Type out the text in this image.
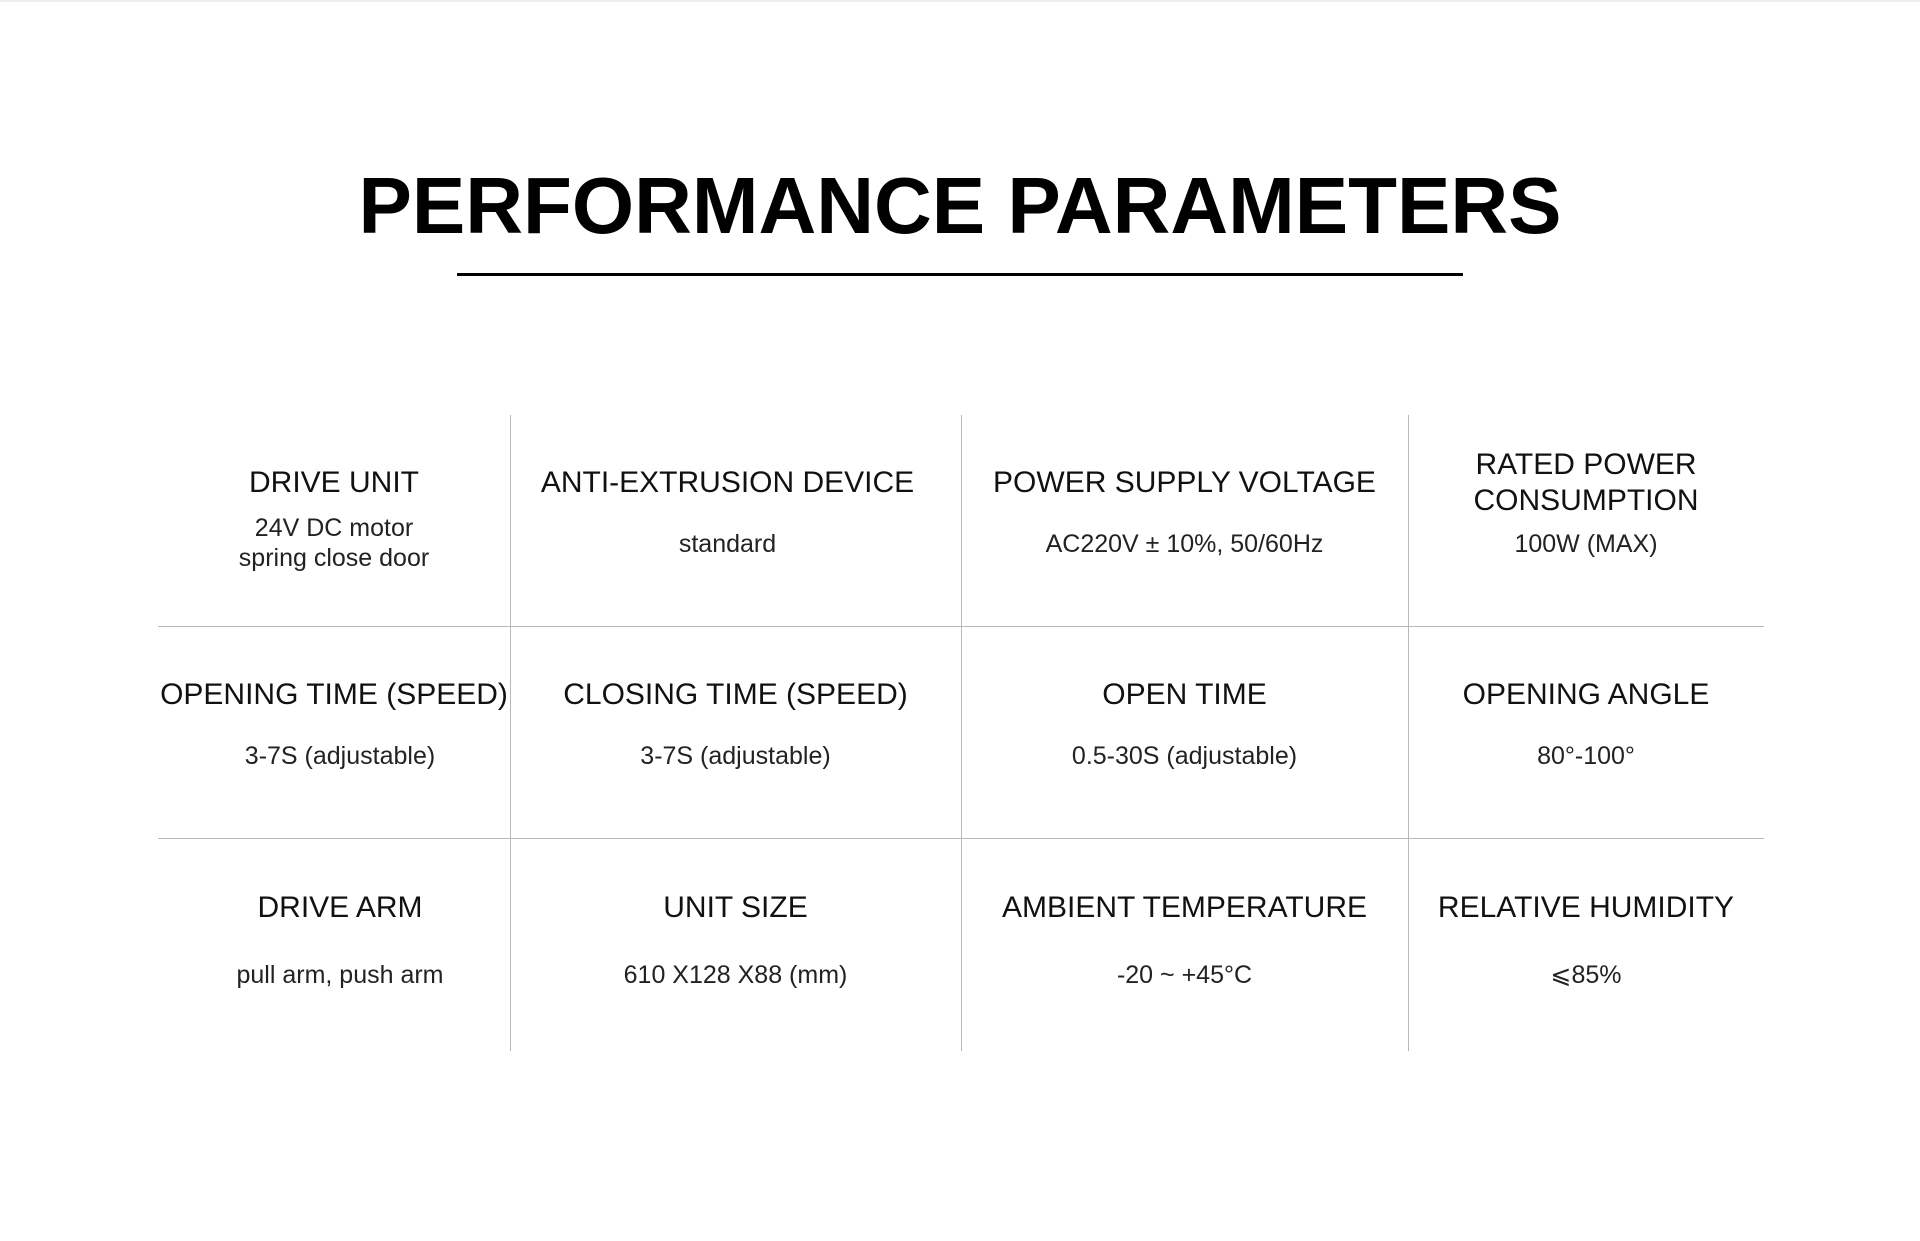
PERFORMANCE PARAMETERS
DRIVE UNIT
24V DC motor
spring close door
ANTI-EXTRUSION DEVICE
standard
POWER SUPPLY VOLTAGE
AC220V ± 10%, 50/60Hz
RATED POWER CONSUMPTION
100W (MAX)
OPENING TIME (SPEED)
3-7S (adjustable)
CLOSING TIME (SPEED)
3-7S (adjustable)
OPEN TIME
0.5-30S (adjustable)
OPENING ANGLE
80°-100°
DRIVE ARM
pull arm, push arm
UNIT SIZE
610 X128 X88 (mm)
AMBIENT TEMPERATURE
-20 ~ +45°C
RELATIVE HUMIDITY
⩽85%
